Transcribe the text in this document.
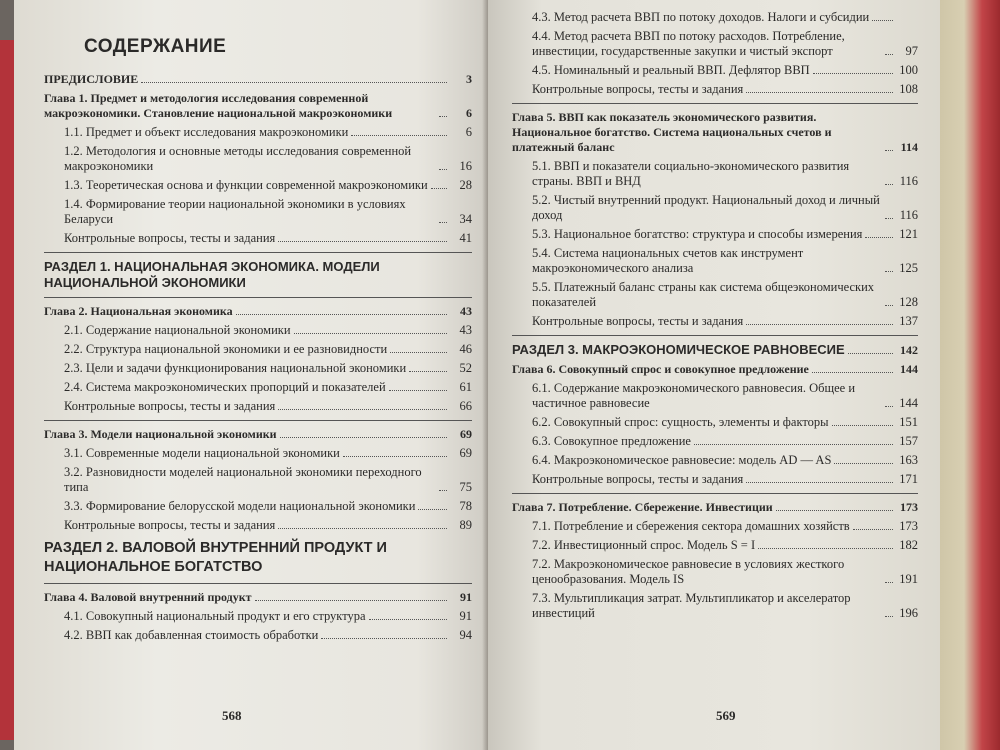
СОДЕРЖАНИЕ
ПРЕДИСЛОВИЕ	3
Глава 1. Предмет и методология исследования современной макроэкономики. Становление национальной макроэкономики	6
1.1. Предмет и объект исследования макроэкономики	6
1.2. Методология и основные методы исследования современной макроэкономики	16
1.3. Теоретическая основа и функции современной макроэкономики	28
1.4. Формирование теории национальной экономики в условиях Беларуси	34
Контрольные вопросы, тесты и задания	41
РАЗДЕЛ 1. НАЦИОНАЛЬНАЯ ЭКОНОМИКА. МОДЕЛИ НАЦИОНАЛЬНОЙ ЭКОНОМИКИ
Глава 2. Национальная экономика	43
2.1. Содержание национальной экономики	43
2.2. Структура национальной экономики и ее разновидности	46
2.3. Цели и задачи функционирования национальной экономики	52
2.4. Система макроэкономических пропорций и показателей	61
Контрольные вопросы, тесты и задания	66
Глава 3. Модели национальной экономики	69
3.1. Современные модели национальной экономики	69
3.2. Разновидности моделей национальной экономики переходного типа	75
3.3. Формирование белорусской модели национальной экономики	78
Контрольные вопросы, тесты и задания	89
РАЗДЕЛ 2. ВАЛОВОЙ ВНУТРЕННИЙ ПРОДУКТ И НАЦИОНАЛЬНОЕ БОГАТСТВО
Глава 4. Валовой внутренний продукт	91
4.1. Совокупный национальный продукт и его структура	91
4.2. ВВП как добавленная стоимость обработки	94
568
4.3. Метод расчета ВВП по потоку доходов. Налоги и субсидии
4.4. Метод расчета ВВП по потоку расходов. Потребление, инвестиции, государственные закупки и чистый экспорт	97
4.5. Номинальный и реальный ВВП. Дефлятор ВВП	100
Контрольные вопросы, тесты и задания	108
Глава 5. ВВП как показатель экономического развития. Национальное богатство. Система национальных счетов и платежный баланс	114
5.1. ВВП и показатели социально-экономического развития страны. ВВП и ВНД	116
5.2. Чистый внутренний продукт. Национальный доход и личный доход	116
5.3. Национальное богатство: структура и способы измерения	121
5.4. Система национальных счетов как инструмент макроэкономического анализа	125
5.5. Платежный баланс страны как система общеэкономических показателей	128
Контрольные вопросы, тесты и задания	137
РАЗДЕЛ 3. МАКРОЭКОНОМИЧЕСКОЕ РАВНОВЕСИЕ	142
Глава 6. Совокупный спрос и совокупное предложение	144
6.1. Содержание макроэкономического равновесия. Общее и частичное равновесие	144
6.2. Совокупный спрос: сущность, элементы и факторы	151
6.3. Совокупное предложение	157
6.4. Макроэкономическое равновесие: модель AD — AS	163
Контрольные вопросы, тесты и задания	171
Глава 7. Потребление. Сбережение. Инвестиции	173
7.1. Потребление и сбережения сектора домашних хозяйств	173
7.2. Инвестиционный спрос. Модель S = I	182
7.2. Макроэкономическое равновесие в условиях жесткого ценообразования. Модель IS	191
7.3. Мультипликация затрат. Мультипликатор и акселератор инвестиций	196
569
